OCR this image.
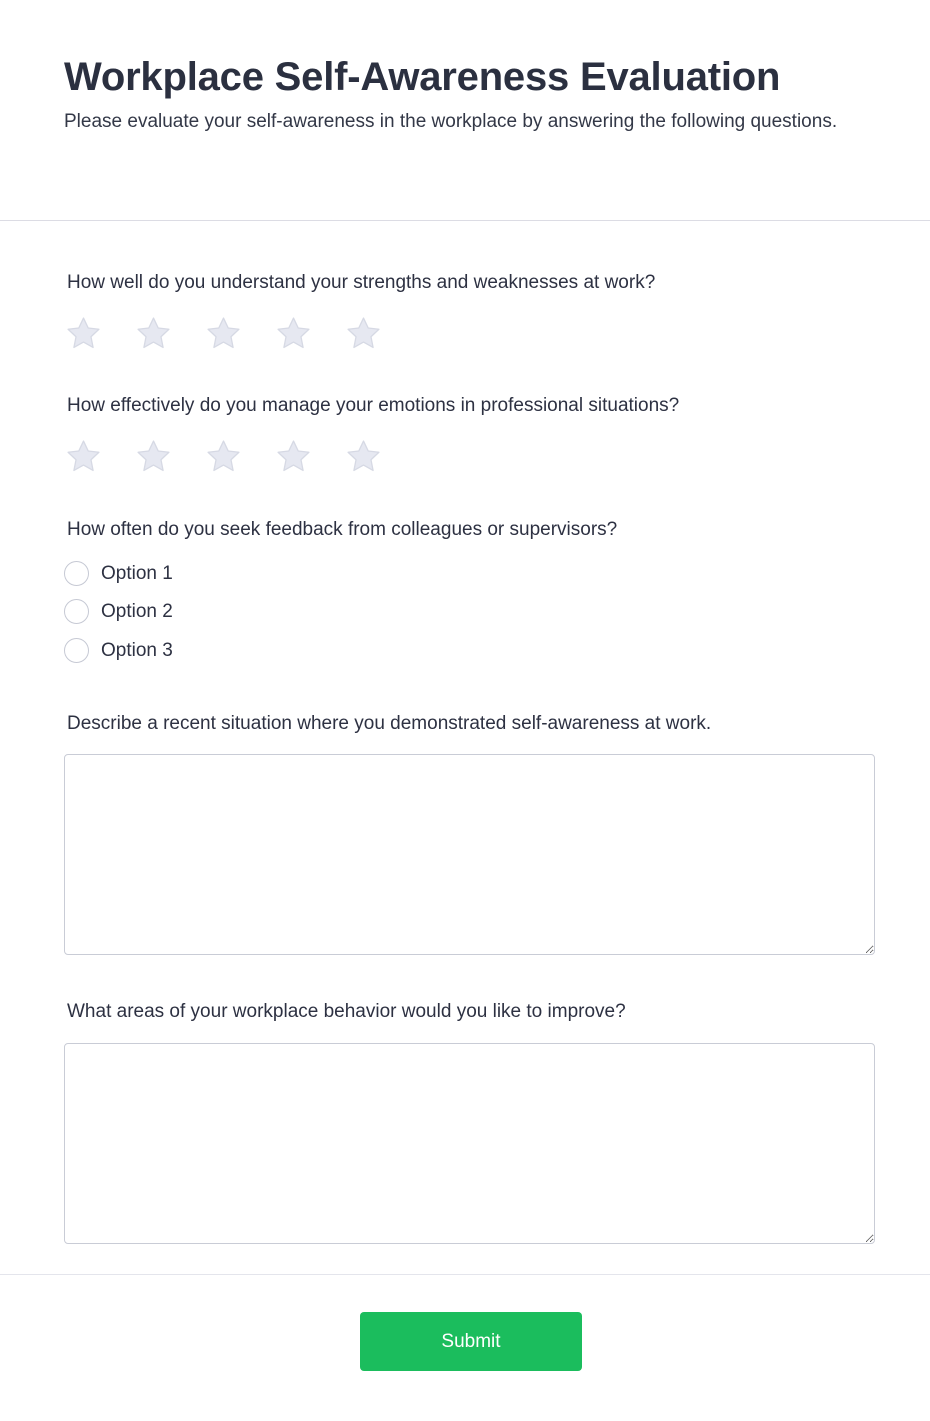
Workplace Self-Awareness Evaluation

Please evaluate your self-awareness in the workplace by answering the following questions.

How well do you understand your strengths and weaknesses at work?
How effectively do you manage your emotions in professional situations?
How often do you seek feedback from colleagues or supervisors?
Option 1
Option 2
Option 3
Describe a recent situation where you demonstrated self-awareness at work.
What areas of your workplace behavior would you like to improve?
Submit
